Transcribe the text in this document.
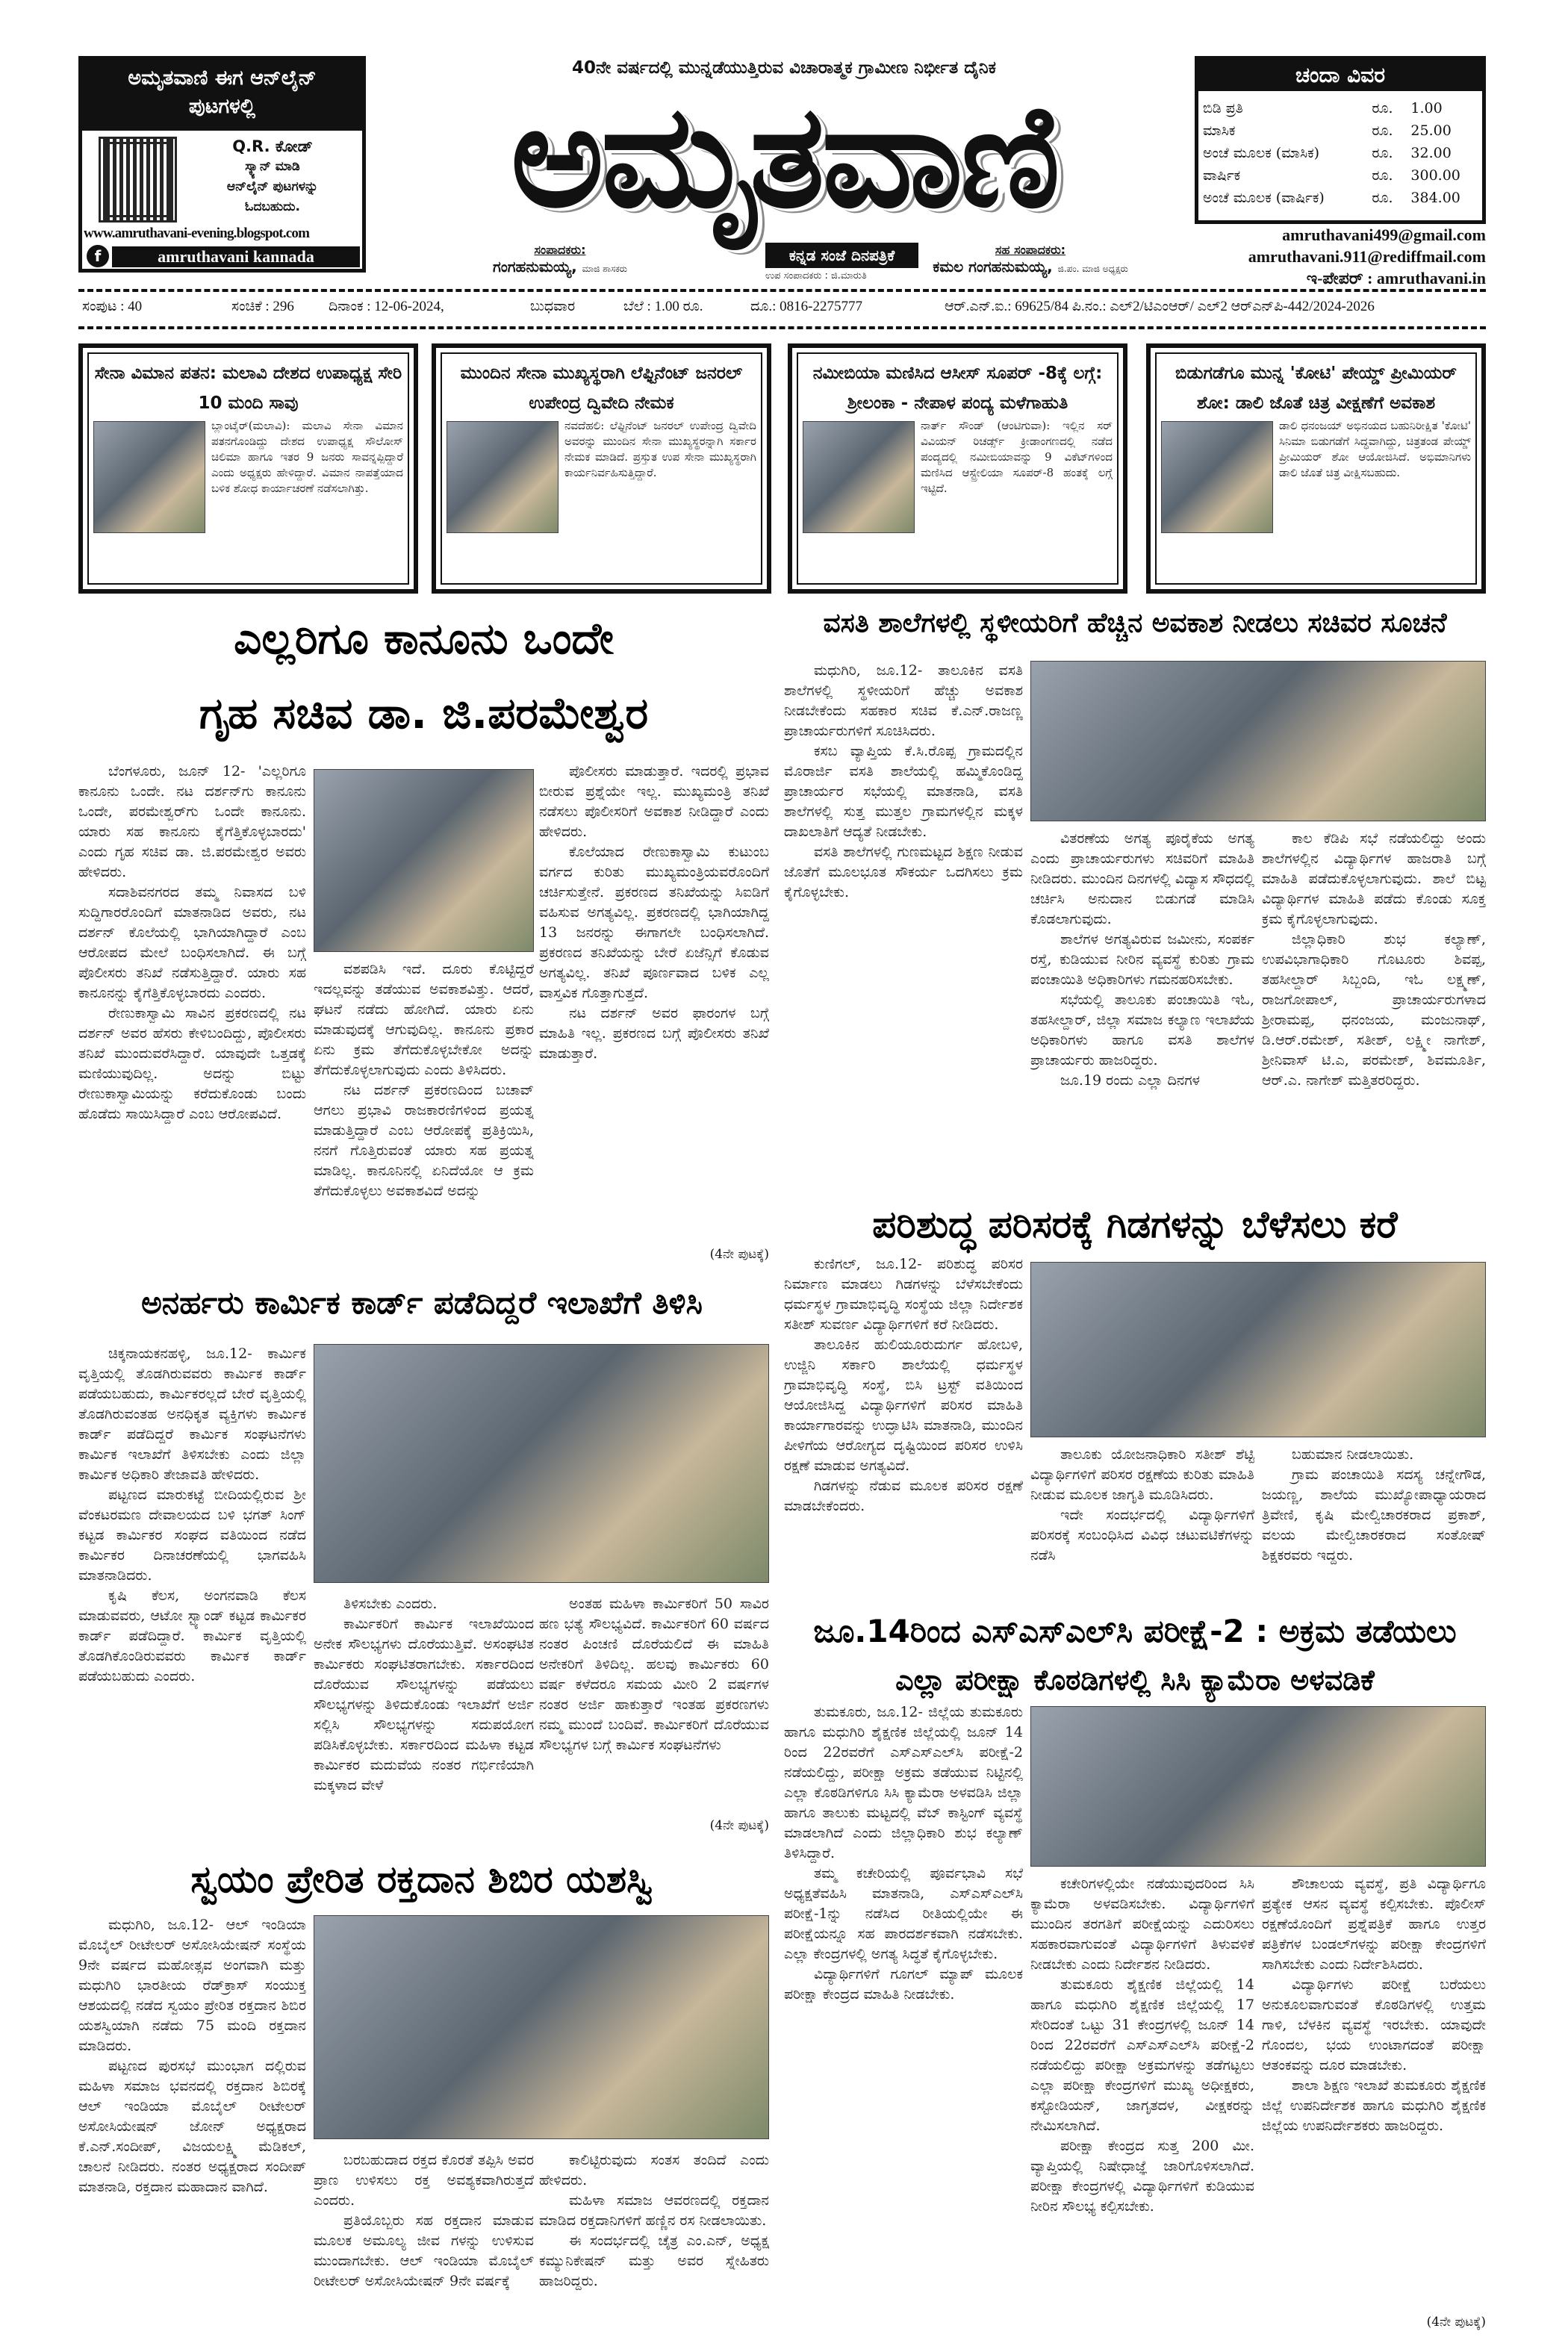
ಅಮೃತವಾಣಿ ಈಗ ಆನ್‌ಲೈನ್ ಪುಟಗಳಲ್ಲಿ
Q.R. ಕೋಡ್
ಸ್ಕ್ಯಾನ್ ಮಾಡಿ
ಆನ್‌ಲೈನ್ ಪುಟಗಳನ್ನು
ಓದಬಹುದು.
www.amruthavani-evening.blogspot.com
f	amruthavani kannada
40ನೇ ವರ್ಷದಲ್ಲಿ ಮುನ್ನಡೆಯುತ್ತಿರುವ ವಿಚಾರಾತ್ಮಕ ಗ್ರಾಮೀಣ ನಿರ್ಭೀತ ದೈನಿಕ
ಅಮೃತವಾಣಿ
ಕನ್ನಡ ಸಂಜೆ ದಿನಪತ್ರಿಕೆ
ಉಪ ಸಂಪಾದಕರು : ಜಿ.ಮಾರುತಿ
ಸಂಪಾದಕರು:
ಗಂಗಹನುಮಯ್ಯ, ಮಾಜಿ ಶಾಸಕರು
ಸಹ ಸಂಪಾದಕರು:
ಕಮಲ ಗಂಗಹನುಮಯ್ಯ, ಜಿ.ಪಂ. ಮಾಜಿ ಅಧ್ಯಕ್ಷರು
ಚಂದಾ ವಿವರ
ಬಿಡಿ ಪ್ರತಿ	ರೂ.	1.00
ಮಾಸಿಕ	ರೂ.	25.00
ಅಂಚೆ ಮೂಲಕ (ಮಾಸಿಕ)	ರೂ.	32.00
ವಾರ್ಷಿಕ	ರೂ.	300.00
ಅಂಚೆ ಮೂಲಕ (ವಾರ್ಷಿಕ)	ರೂ.	384.00
amruthavani499@gmail.com
amruthavani.911@rediffmail.com
ಇ-ಪೇಪರ್ : amruthavani.in
ಸಂಪುಟ : 40	ಸಂಚಿಕೆ : 296 ದಿನಾಂಕ : 12-06-2024,	ಬುಧವಾರ	ಬೆಲೆ : 1.00 ರೂ.	ದೂ.: 0816-2275777	ಆರ್.ಎನ್.ಐ.: 69625/84 ಪಿ.ನಂ.: ಎಲ್2/ಟಿಎಂಆರ್/ ಎಲ್2 ಆರ್‌ಎನ್‌ಪಿ-442/2024-2026
ಸೇನಾ ವಿಮಾನ ಪತನ: ಮಲಾವಿ ದೇಶದ ಉಪಾಧ್ಯಕ್ಷ ಸೇರಿ 10 ಮಂದಿ ಸಾವು
ಬ್ಲಾಂಟೈರ್(ಮಲಾವಿ): ಮಲಾವಿ ಸೇನಾ ವಿಮಾನ ಪತನಗೊಂಡಿದ್ದು ದೇಶದ ಉಪಾಧ್ಯಕ್ಷ ಸೌಲೋಸ್ ಚಿಲಿಮಾ ಹಾಗೂ ಇತರ 9 ಜನರು ಸಾವನ್ನಪ್ಪಿದ್ದಾರೆ ಎಂದು ಅಧ್ಯಕ್ಷರು ಹೇಳಿದ್ದಾರೆ. ವಿಮಾನ ನಾಪತ್ತೆಯಾದ ಬಳಿಕ ಶೋಧ ಕಾರ್ಯಾಚರಣೆ ನಡೆಸಲಾಗಿತ್ತು.
ಮುಂದಿನ ಸೇನಾ ಮುಖ್ಯಸ್ಥರಾಗಿ ಲೆಫ್ಟಿನೆಂಟ್ ಜನರಲ್ ಉಪೇಂದ್ರ ದ್ವಿವೇದಿ ನೇಮಕ
ನವದೆಹಲಿ: ಲೆಫ್ಟಿನೆಂಟ್ ಜನರಲ್ ಉಪೇಂದ್ರ ದ್ವಿವೇದಿ ಅವರನ್ನು ಮುಂದಿನ ಸೇನಾ ಮುಖ್ಯಸ್ಥರನ್ನಾಗಿ ಸರ್ಕಾರ ನೇಮಕ ಮಾಡಿದೆ. ಪ್ರಸ್ತುತ ಉಪ ಸೇನಾ ಮುಖ್ಯಸ್ಥರಾಗಿ ಕಾರ್ಯನಿರ್ವಹಿಸುತ್ತಿದ್ದಾರೆ.
ನಮೀಬಿಯಾ ಮಣಿಸಿದ ಆಸೀಸ್ ಸೂಪರ್ -8ಕ್ಕೆ ಲಗ್ಗೆ: ಶ್ರೀಲಂಕಾ - ನೇಪಾಳ ಪಂದ್ಯ ಮಳೆಗಾಹುತಿ
ನಾರ್ತ್ ಸೌಂಡ್ (ಆಂಟಿಗುವಾ): ಇಲ್ಲಿನ ಸರ್ ವಿವಿಯನ್ ರಿಚರ್ಡ್ಸ್ ಕ್ರೀಡಾಂಗಣದಲ್ಲಿ ನಡೆದ ಪಂದ್ಯದಲ್ಲಿ ನಮೀಬಿಯಾವನ್ನು 9 ವಿಕೆಟ್‌ಗಳಿಂದ ಮಣಿಸಿದ ಆಸ್ಟ್ರೇಲಿಯಾ ಸೂಪರ್-8 ಹಂತಕ್ಕೆ ಲಗ್ಗೆ ಇಟ್ಟಿದೆ.
ಬಿಡುಗಡೆಗೂ ಮುನ್ನ 'ಕೋಟಿ' ಪೇಯ್ಡ್ ಪ್ರೀಮಿಯರ್ ಶೋ: ಡಾಲಿ ಜೊತೆ ಚಿತ್ರ ವೀಕ್ಷಣೆಗೆ ಅವಕಾಶ
ಡಾಲಿ ಧನಂಜಯ್ ಅಭಿನಯದ ಬಹುನಿರೀಕ್ಷಿತ 'ಕೋಟಿ' ಸಿನಿಮಾ ಬಿಡುಗಡೆಗೆ ಸಿದ್ಧವಾಗಿದ್ದು, ಚಿತ್ರತಂಡ ಪೇಯ್ಡ್ ಪ್ರೀಮಿಯರ್ ಶೋ ಆಯೋಜಿಸಿದೆ. ಅಭಿಮಾನಿಗಳು ಡಾಲಿ ಜೊತೆ ಚಿತ್ರ ವೀಕ್ಷಿಸಬಹುದು.
ಎಲ್ಲರಿಗೂ ಕಾನೂನು ಒಂದೇ
ಗೃಹ ಸಚಿವ ಡಾ. ಜಿ.ಪರಮೇಶ್ವರ

ಬೆಂಗಳೂರು, ಜೂನ್ 12- 'ಎಲ್ಲರಿಗೂ ಕಾನೂನು ಒಂದೇ. ನಟ ದರ್ಶನ್‌ಗು ಕಾನೂನು ಒಂದೇ, ಪರಮೇಶ್ವರ್‌ಗು ಒಂದೇ ಕಾನೂನು. ಯಾರು ಸಹ ಕಾನೂನು ಕೈಗೆತ್ತಿಕೊಳ್ಳಬಾರದು' ಎಂದು ಗೃಹ ಸಚಿವ ಡಾ. ಜಿ.ಪರಮೇಶ್ವರ ಅವರು ಹೇಳಿದರು.

ಸದಾಶಿವನಗರದ ತಮ್ಮ ನಿವಾಸದ ಬಳಿ ಸುದ್ದಿಗಾರರೊಂದಿಗೆ ಮಾತನಾಡಿದ ಅವರು, ನಟ ದರ್ಶನ್ ಕೊಲೆಯಲ್ಲಿ ಭಾಗಿಯಾಗಿದ್ದಾರೆ ಎಂಬ ಆರೋಪದ ಮೇಲೆ ಬಂಧಿಸಲಾಗಿದೆ. ಈ ಬಗ್ಗೆ ಪೊಲೀಸರು ತನಿಖೆ ನಡೆಸುತ್ತಿದ್ದಾರೆ. ಯಾರು ಸಹ ಕಾನೂನನ್ನು ಕೈಗೆತ್ತಿಕೊಳ್ಳಬಾರದು ಎಂದರು.

ರೇಣುಕಾಸ್ವಾಮಿ ಸಾವಿನ ಪ್ರಕರಣದಲ್ಲಿ ನಟ ದರ್ಶನ್ ಅವರ ಹೆಸರು ಕೇಳಿಬಂದಿದ್ದು, ಪೊಲೀಸರು ತನಿಖೆ ಮುಂದುವರೆಸಿದ್ದಾರೆ. ಯಾವುದೇ ಒತ್ತಡಕ್ಕೆ ಮಣಿಯುವುದಿಲ್ಲ. ಅದನ್ನು ಬಿಟ್ಟು ರೇಣುಕಾಸ್ವಾಮಿಯನ್ನು ಕರೆದುಕೊಂಡು ಬಂದು ಹೊಡೆದು ಸಾಯಿಸಿದ್ದಾರೆ ಎಂಬ ಆರೋಪವಿದೆ.

ವಶಪಡಿಸಿ ಇದೆ. ದೂರು ಕೊಟ್ಟಿದ್ದರೆ ಇದಲ್ಲವನ್ನು ತಡೆಯುವ ಅವಕಾಶವಿತ್ತು. ಆದರೆ, ಘಟನೆ ನಡೆದು ಹೋಗಿದೆ. ಯಾರು ಏನು ಮಾಡುವುದಕ್ಕೆ ಆಗುವುದಿಲ್ಲ. ಕಾನೂನು ಪ್ರಕಾರ ಏನು ಕ್ರಮ ತೆಗೆದುಕೊಳ್ಳಬೇಕೋ ಅದನ್ನು ತೆಗೆದುಕೊಳ್ಳಲಾಗುವುದು ಎಂದು ತಿಳಿಸಿದರು.

ನಟ ದರ್ಶನ್ ಪ್ರಕರಣದಿಂದ ಬಚಾವ್ ಆಗಲು ಪ್ರಭಾವಿ ರಾಜಕಾರಣಿಗಳಿಂದ ಪ್ರಯತ್ನ ಮಾಡುತ್ತಿದ್ದಾರೆ ಎಂಬ ಆರೋಪಕ್ಕೆ ಪ್ರತಿಕ್ರಿಯಿಸಿ, ನನಗೆ ಗೊತ್ತಿರುವಂತೆ ಯಾರು ಸಹ ಪ್ರಯತ್ನ ಮಾಡಿಲ್ಲ. ಕಾನೂನಿನಲ್ಲಿ ಏನಿದೆಯೋ ಆ ಕ್ರಮ ತೆಗೆದುಕೊಳ್ಳಲು ಅವಕಾಶವಿದೆ ಅದನ್ನು

ಪೊಲೀಸರು ಮಾಡುತ್ತಾರೆ. ಇದರಲ್ಲಿ ಪ್ರಭಾವ ಬೀರುವ ಪ್ರಶ್ನೆಯೇ ಇಲ್ಲ. ಮುಖ್ಯಮಂತ್ರಿ ತನಿಖೆ ನಡೆಸಲು ಪೊಲೀಸರಿಗೆ ಅವಕಾಶ ನೀಡಿದ್ದಾರೆ ಎಂದು ಹೇಳಿದರು.

ಕೊಲೆಯಾದ ರೇಣುಕಾಸ್ವಾಮಿ ಕುಟುಂಬ ವರ್ಗದ ಕುರಿತು ಮುಖ್ಯಮಂತ್ರಿಯವರೊಂದಿಗೆ ಚರ್ಚಿಸುತ್ತೇನೆ. ಪ್ರಕರಣದ ತನಿಖೆಯನ್ನು ಸಿಐಡಿಗೆ ವಹಿಸುವ ಅಗತ್ಯವಿಲ್ಲ. ಪ್ರಕರಣದಲ್ಲಿ ಭಾಗಿಯಾಗಿದ್ದ 13 ಜನರನ್ನು ಈಗಾಗಲೇ ಬಂಧಿಸಲಾಗಿದೆ. ಪ್ರಕರಣದ ತನಿಖೆಯನ್ನು ಬೇರೆ ಏಜೆನ್ಸಿಗೆ ಕೊಡುವ ಅಗತ್ಯವಿಲ್ಲ. ತನಿಖೆ ಪೂರ್ಣವಾದ ಬಳಿಕ ಎಲ್ಲ ವಾಸ್ತವಿಕ ಗೊತ್ತಾಗುತ್ತದೆ.

ನಟ ದರ್ಶನ್ ಅವರ ಫಾರಂಗಳ ಬಗ್ಗೆ ಮಾಹಿತಿ ಇಲ್ಲ. ಪ್ರಕರಣದ ಬಗ್ಗೆ ಪೊಲೀಸರು ತನಿಖೆ ಮಾಡುತ್ತಾರೆ.

(4ನೇ ಪುಟಕ್ಕೆ)
ವಸತಿ ಶಾಲೆಗಳಲ್ಲಿ ಸ್ಥಳೀಯರಿಗೆ ಹೆಚ್ಚಿನ ಅವಕಾಶ ನೀಡಲು ಸಚಿವರ ಸೂಚನೆ

ಮಧುಗಿರಿ, ಜೂ.12- ತಾಲೂಕಿನ ವಸತಿ ಶಾಲೆಗಳಲ್ಲಿ ಸ್ಥಳೀಯರಿಗೆ ಹೆಚ್ಚು ಅವಕಾಶ ನೀಡಬೇಕೆಂದು ಸಹಕಾರ ಸಚಿವ ಕೆ.ಎನ್.ರಾಜಣ್ಣ ಪ್ರಾಚಾರ್ಯರುಗಳಿಗೆ ಸೂಚಿಸಿದರು.

ಕಸಬ ವ್ಯಾಪ್ತಿಯ ಕೆ.ಸಿ.ರೊಪ್ಪ ಗ್ರಾಮದಲ್ಲಿನ ಮೊರಾರ್ಜಿ ವಸತಿ ಶಾಲೆಯಲ್ಲಿ ಹಮ್ಮಿಕೊಂಡಿದ್ದ ಪ್ರಾಚಾರ್ಯರ ಸಭೆಯಲ್ಲಿ ಮಾತನಾಡಿ, ವಸತಿ ಶಾಲೆಗಳಲ್ಲಿ ಸುತ್ತ ಮುತ್ತಲ ಗ್ರಾಮಗಳಲ್ಲಿನ ಮಕ್ಕಳ ದಾಖಲಾತಿಗೆ ಆದ್ಯತೆ ನೀಡಬೇಕು.

ವಸತಿ ಶಾಲೆಗಳಲ್ಲಿ ಗುಣಮಟ್ಟದ ಶಿಕ್ಷಣ ನೀಡುವ ಜೊತೆಗೆ ಮೂಲಭೂತ ಸೌಕರ್ಯ ಒದಗಿಸಲು ಕ್ರಮ ಕೈಗೊಳ್ಳಬೇಕು.

ವಿತರಣೆಯ ಅಗತ್ಯ ಪೂರೈಕೆಯ ಅಗತ್ಯ ಎಂದು ಪ್ರಾಚಾರ್ಯರುಗಳು ಸಚಿವರಿಗೆ ಮಾಹಿತಿ ನೀಡಿದರು. ಮುಂದಿನ ದಿನಗಳಲ್ಲಿ ವಿದ್ಯಾಸ ಸೌಧದಲ್ಲಿ ಚರ್ಚಿಸಿ ಅನುದಾನ ಬಿಡುಗಡೆ ಮಾಡಿಸಿ ಕೊಡಲಾಗುವುದು.

ಶಾಲೆಗಳ ಅಗತ್ಯವಿರುವ ಜಮೀನು, ಸಂಪರ್ಕ ರಸ್ತೆ, ಕುಡಿಯುವ ನೀರಿನ ವ್ಯವಸ್ಥೆ ಕುರಿತು ಗ್ರಾಮ ಪಂಚಾಯಿತಿ ಅಧಿಕಾರಿಗಳು ಗಮನಹರಿಸಬೇಕು.

ಸಭೆಯಲ್ಲಿ ತಾಲೂಕು ಪಂಚಾಯಿತಿ ಇಓ, ತಹಸೀಲ್ದಾರ್, ಜಿಲ್ಲಾ ಸಮಾಜ ಕಲ್ಯಾಣ ಇಲಾಖೆಯ ಅಧಿಕಾರಿಗಳು ಹಾಗೂ ವಸತಿ ಶಾಲೆಗಳ ಪ್ರಾಚಾರ್ಯರು ಹಾಜರಿದ್ದರು.

ಜೂ.19 ರಂದು ಎಲ್ಲಾ ದಿನಗಳ

ಕಾಲ ಕೆಡಿಪಿ ಸಭೆ ನಡೆಯಲಿದ್ದು ಅಂದು ಶಾಲೆಗಳಲ್ಲಿನ ವಿದ್ಯಾರ್ಥಿಗಳ ಹಾಜರಾತಿ ಬಗ್ಗೆ ಮಾಹಿತಿ ಪಡೆದುಕೊಳ್ಳಲಾಗುವುದು. ಶಾಲೆ ಬಿಟ್ಟ ವಿದ್ಯಾರ್ಥಿಗಳ ಮಾಹಿತಿ ಪಡೆದು ಕೊಂಡು ಸೂಕ್ತ ಕ್ರಮ ಕೈಗೊಳ್ಳಲಾಗುವುದು.

ಜಿಲ್ಲಾಧಿಕಾರಿ ಶುಭ ಕಲ್ಯಾಣ್, ಉಪವಿಭಾಗಾಧಿಕಾರಿ ಗೊಟೂರು ಶಿವಪ್ಪ, ತಹಸೀಲ್ದಾರ್ ಸಿಬ್ಬಂದಿ, ಇಓ ಲಕ್ಷ್ಮಣ್, ರಾಜಗೋಪಾಲ್, ಪ್ರಾಚಾರ್ಯರುಗಳಾದ ಶ್ರೀರಾಮಪ್ಪ, ಧನಂಜಯ, ಮಂಜುನಾಥ್, ಡಿ.ಆರ್.ರಮೇಶ್, ಸತೀಶ್, ಲಕ್ಷ್ಮೀ ನಾಗೇಶ್, ಶ್ರೀನಿವಾಸ್ ಟಿ.ಎ, ಪರಮೇಶ್, ಶಿವಮೂರ್ತಿ, ಆರ್.ಎ. ನಾಗೇಶ್ ಮತ್ತಿತರರಿದ್ದರು.

ಪರಿಶುದ್ಧ ಪರಿಸರಕ್ಕೆ ಗಿಡಗಳನ್ನು ಬೆಳೆಸಲು ಕರೆ

ಕುಣಿಗಲ್, ಜೂ.12- ಪರಿಶುದ್ಧ ಪರಿಸರ ನಿರ್ಮಾಣ ಮಾಡಲು ಗಿಡಗಳನ್ನು ಬೆಳೆಸಬೇಕೆಂದು ಧರ್ಮಸ್ಥಳ ಗ್ರಾಮಾಭಿವೃದ್ಧಿ ಸಂಸ್ಥೆಯ ಜಿಲ್ಲಾ ನಿರ್ದೇಶಕ ಸತೀಶ್ ಸುವರ್ಣ ವಿದ್ಯಾರ್ಥಿಗಳಿಗೆ ಕರೆ ನೀಡಿದರು.

ತಾಲೂಕಿನ ಹುಲಿಯೂರುದುರ್ಗ ಹೋಬಳಿ, ಉಜ್ಜಿನಿ ಸರ್ಕಾರಿ ಶಾಲೆಯಲ್ಲಿ ಧರ್ಮಸ್ಥಳ ಗ್ರಾಮಾಭಿವೃದ್ಧಿ ಸಂಸ್ಥೆ, ಬಿಸಿ ಟ್ರಸ್ಟ್ ವತಿಯಿಂದ ಆಯೋಜಿಸಿದ್ದ ವಿದ್ಯಾರ್ಥಿಗಳಿಗೆ ಪರಿಸರ ಮಾಹಿತಿ ಕಾರ್ಯಾಗಾರವನ್ನು ಉದ್ಘಾಟಿಸಿ ಮಾತನಾಡಿ, ಮುಂದಿನ ಪೀಳಿಗೆಯ ಆರೋಗ್ಯದ ದೃಷ್ಟಿಯಿಂದ ಪರಿಸರ ಉಳಿಸಿ ರಕ್ಷಣೆ ಮಾಡುವ ಅಗತ್ಯವಿದೆ.

ಗಿಡಗಳನ್ನು ನೆಡುವ ಮೂಲಕ ಪರಿಸರ ರಕ್ಷಣೆ ಮಾಡಬೇಕೆಂದರು.

ತಾಲೂಕು ಯೋಜನಾಧಿಕಾರಿ ಸತೀಶ್ ಶೆಟ್ಟಿ ವಿದ್ಯಾರ್ಥಿಗಳಿಗೆ ಪರಿಸರ ರಕ್ಷಣೆಯ ಕುರಿತು ಮಾಹಿತಿ ನೀಡುವ ಮೂಲಕ ಜಾಗೃತಿ ಮೂಡಿಸಿದರು.

ಇದೇ ಸಂದರ್ಭದಲ್ಲಿ ವಿದ್ಯಾರ್ಥಿಗಳಿಗೆ ಪರಿಸರಕ್ಕೆ ಸಂಬಂಧಿಸಿದ ವಿವಿಧ ಚಟುವಟಿಕೆಗಳನ್ನು ನಡೆಸಿ

ಬಹುಮಾನ ನೀಡಲಾಯಿತು.

ಗ್ರಾಮ ಪಂಚಾಯಿತಿ ಸದಸ್ಯ ಚನ್ನೇಗೌಡ, ಜಯಣ್ಣ, ಶಾಲೆಯ ಮುಖ್ಯೋಪಾಧ್ಯಾಯರಾದ ತ್ರಿವೇಣಿ, ಕೃಷಿ ಮೇಲ್ವಿಚಾರಕರಾದ ಪ್ರಕಾಶ್, ವಲಯ ಮೇಲ್ವಿಚಾರಕರಾದ ಸಂತೋಷ್ ಶಿಕ್ಷಕರವರು ಇದ್ದರು.

ಅನರ್ಹರು ಕಾರ್ಮಿಕ ಕಾರ್ಡ್ ಪಡೆದಿದ್ದರೆ ಇಲಾಖೆಗೆ ತಿಳಿಸಿ

ಚಿಕ್ಕನಾಯಕನಹಳ್ಳಿ, ಜೂ.12- ಕಾರ್ಮಿಕ ವೃತ್ತಿಯಲ್ಲಿ ತೊಡಗಿರುವವರು ಕಾರ್ಮಿಕ ಕಾರ್ಡ್ ಪಡೆಯಬಹುದು, ಕಾರ್ಮಿಕರಲ್ಲದೆ ಬೇರೆ ವೃತ್ತಿಯಲ್ಲಿ ತೊಡಗಿರುವಂತಹ ಅನಧಿಕೃತ ವ್ಯಕ್ತಿಗಳು ಕಾರ್ಮಿಕ ಕಾರ್ಡ್ ಪಡೆದಿದ್ದರೆ ಕಾರ್ಮಿಕ ಸಂಘಟನೆಗಳು ಕಾರ್ಮಿಕ ಇಲಾಖೆಗೆ ತಿಳಿಸಬೇಕು ಎಂದು ಜಿಲ್ಲಾ ಕಾರ್ಮಿಕ ಅಧಿಕಾರಿ ತೇಜಾವತಿ ಹೇಳಿದರು.

ಪಟ್ಟಣದ ಮಾರುಕಟ್ಟೆ ಬೀದಿಯಲ್ಲಿರುವ ಶ್ರೀ ವೆಂಕಟರಮಣ ದೇವಾಲಯದ ಬಳಿ ಭಗತ್ ಸಿಂಗ್ ಕಟ್ಟಡ ಕಾರ್ಮಿಕರ ಸಂಘದ ವತಿಯಿಂದ ನಡೆದ ಕಾರ್ಮಿಕರ ದಿನಾಚರಣೆಯಲ್ಲಿ ಭಾಗವಹಿಸಿ ಮಾತನಾಡಿದರು.

ಕೃಷಿ ಕೆಲಸ, ಅಂಗನವಾಡಿ ಕೆಲಸ ಮಾಡುವವರು, ಆಟೋ ಸ್ಟ್ಯಾಂಡ್ ಕಟ್ಟಡ ಕಾರ್ಮಿಕರ ಕಾರ್ಡ್ ಪಡೆದಿದ್ದಾರೆ. ಕಾರ್ಮಿಕ ವೃತ್ತಿಯಲ್ಲಿ ತೊಡಗಿಕೊಂಡಿರುವವರು ಕಾರ್ಮಿಕ ಕಾರ್ಡ್ ಪಡೆಯಬಹುದು ಎಂದರು.

ತಿಳಿಸಬೇಕು ಎಂದರು.

ಕಾರ್ಮಿಕರಿಗೆ ಕಾರ್ಮಿಕ ಇಲಾಖೆಯಿಂದ ಅನೇಕ ಸೌಲಭ್ಯಗಳು ದೊರೆಯುತ್ತಿವೆ. ಅಸಂಘಟಿತ ಕಾರ್ಮಿಕರು ಸಂಘಟಿತರಾಗಬೇಕು. ಸರ್ಕಾರದಿಂದ ದೊರೆಯುವ ಸೌಲಭ್ಯಗಳನ್ನು ಪಡೆಯಲು ಸೌಲಭ್ಯಗಳನ್ನು ತಿಳಿದುಕೊಂಡು ಇಲಾಖೆಗೆ ಅರ್ಜಿ ಸಲ್ಲಿಸಿ ಸೌಲಭ್ಯಗಳನ್ನು ಸದುಪಯೋಗ ಪಡಿಸಿಕೊಳ್ಳಬೇಕು. ಸರ್ಕಾರದಿಂದ ಮಹಿಳಾ ಕಟ್ಟಡ ಕಾರ್ಮಿಕರ ಮದುವೆಯ ನಂತರ ಗರ್ಭಿಣಿಯಾಗಿ ಮಕ್ಕಳಾದ ವೇಳೆ

ಅಂತಹ ಮಹಿಳಾ ಕಾರ್ಮಿಕರಿಗೆ 50 ಸಾವಿರ ಹಣ ಭತ್ಯೆ ಸೌಲಭ್ಯವಿದೆ. ಕಾರ್ಮಿಕರಿಗೆ 60 ವರ್ಷದ ನಂತರ ಪಿಂಚಣಿ ದೊರೆಯಲಿದೆ ಈ ಮಾಹಿತಿ ಅನೇಕರಿಗೆ ತಿಳಿದಿಲ್ಲ. ಹಲವು ಕಾರ್ಮಿಕರು 60 ವರ್ಷ ಕಳೆದರೂ ಸಮಯ ಮೀರಿ 2 ವರ್ಷಗಳ ನಂತರ ಅರ್ಜಿ ಹಾಕುತ್ತಾರೆ ಇಂತಹ ಪ್ರಕರಣಗಳು ನಮ್ಮ ಮುಂದೆ ಬಂದಿವೆ. ಕಾರ್ಮಿಕರಿಗೆ ದೊರೆಯುವ ಸೌಲಭ್ಯಗಳ ಬಗ್ಗೆ ಕಾರ್ಮಿಕ ಸಂಘಟನೆಗಳು

(4ನೇ ಪುಟಕ್ಕೆ)
ಜೂ.14ರಿಂದ ಎಸ್‌ಎಸ್‌ಎಲ್‌ಸಿ ಪರೀಕ್ಷೆ-2 : ಅಕ್ರಮ ತಡೆಯಲು
ಎಲ್ಲಾ ಪರೀಕ್ಷಾ ಕೊಠಡಿಗಳಲ್ಲಿ ಸಿಸಿ ಕ್ಯಾಮೆರಾ ಅಳವಡಿಕೆ

ತುಮಕೂರು, ಜೂ.12- ಜಿಲ್ಲೆಯ ತುಮಕೂರು ಹಾಗೂ ಮಧುಗಿರಿ ಶೈಕ್ಷಣಿಕ ಜಿಲ್ಲೆಯಲ್ಲಿ ಜೂನ್ 14 ರಿಂದ 22ರವರೆಗೆ ಎಸ್‌ಎಸ್‌ಎಲ್‌ಸಿ ಪರೀಕ್ಷೆ-2 ನಡೆಯಲಿದ್ದು, ಪರೀಕ್ಷಾ ಅಕ್ರಮ ತಡೆಯುವ ನಿಟ್ಟಿನಲ್ಲಿ ಎಲ್ಲಾ ಕೊಠಡಿಗಳಿಗೂ ಸಿಸಿ ಕ್ಯಾಮೆರಾ ಅಳವಡಿಸಿ ಜಿಲ್ಲಾ ಹಾಗೂ ತಾಲುಕು ಮಟ್ಟದಲ್ಲಿ ವೆಬ್ ಕಾಸ್ಟಿಂಗ್ ವ್ಯವಸ್ಥೆ ಮಾಡಲಾಗಿದೆ ಎಂದು ಜಿಲ್ಲಾಧಿಕಾರಿ ಶುಭ ಕಲ್ಯಾಣ್ ತಿಳಿಸಿದ್ದಾರೆ.

ತಮ್ಮ ಕಚೇರಿಯಲ್ಲಿ ಪೂರ್ವಭಾವಿ ಸಭೆ ಅಧ್ಯಕ್ಷತೆವಹಿಸಿ ಮಾತನಾಡಿ, ಎಸ್‌ಎಸ್‌ಎಲ್‌ಸಿ ಪರೀಕ್ಷೆ-1ನ್ನು ನಡೆಸಿದ ರೀತಿಯಲ್ಲಿಯೇ ಈ ಪರೀಕ್ಷೆಯನ್ನೂ ಸಹ ಪಾರದರ್ಶಕವಾಗಿ ನಡೆಸಬೇಕು. ಎಲ್ಲಾ ಕೇಂದ್ರಗಳಲ್ಲಿ ಅಗತ್ಯ ಸಿದ್ಧತೆ ಕೈಗೊಳ್ಳಬೇಕು.

ವಿದ್ಯಾರ್ಥಿಗಳಿಗೆ ಗೂಗಲ್ ಮ್ಯಾಪ್ ಮೂಲಕ ಪರೀಕ್ಷಾ ಕೇಂದ್ರದ ಮಾಹಿತಿ ನೀಡಬೇಕು.

ಕಚೇರಿಗಳಲ್ಲಿಯೇ ನಡೆಯುವುದರಿಂದ ಸಿಸಿ ಕ್ಯಾಮೆರಾ ಅಳವಡಿಸಬೇಕು. ವಿದ್ಯಾರ್ಥಿಗಳಿಗೆ ಮುಂದಿನ ತರಗತಿಗೆ ಪರೀಕ್ಷೆಯನ್ನು ಎದುರಿಸಲು ಸಹಕಾರವಾಗುವಂತೆ ವಿದ್ಯಾರ್ಥಿಗಳಿಗೆ ತಿಳುವಳಿಕೆ ನೀಡಬೇಕು ಎಂದು ನಿರ್ದೇಶನ ನೀಡಿದರು.

ತುಮಕೂರು ಶೈಕ್ಷಣಿಕ ಜಿಲ್ಲೆಯಲ್ಲಿ 14 ಹಾಗೂ ಮಧುಗಿರಿ ಶೈಕ್ಷಣಿಕ ಜಿಲ್ಲೆಯಲ್ಲಿ 17 ಸೇರಿದಂತೆ ಒಟ್ಟು 31 ಕೇಂದ್ರಗಳಲ್ಲಿ ಜೂನ್ 14 ರಿಂದ 22ರವರೆಗೆ ಎಸ್‌ಎಸ್‌ಎಲ್‌ಸಿ ಪರೀಕ್ಷೆ-2 ನಡೆಯಲಿದ್ದು ಪರೀಕ್ಷಾ ಅಕ್ರಮಗಳನ್ನು ತಡೆಗಟ್ಟಲು ಎಲ್ಲಾ ಪರೀಕ್ಷಾ ಕೇಂದ್ರಗಳಿಗೆ ಮುಖ್ಯ ಅಧೀಕ್ಷಕರು, ಕಸ್ಟೋಡಿಯನ್, ಜಾಗೃತದಳ, ವೀಕ್ಷಕರನ್ನು ನೇಮಿಸಲಾಗಿದೆ.

ಪರೀಕ್ಷಾ ಕೇಂದ್ರದ ಸುತ್ತ 200 ಮೀ. ವ್ಯಾಪ್ತಿಯಲ್ಲಿ ನಿಷೇಧಾಜ್ಞೆ ಜಾರಿಗೊಳಿಸಲಾಗಿದೆ. ಪರೀಕ್ಷಾ ಕೇಂದ್ರಗಳಲ್ಲಿ ವಿದ್ಯಾರ್ಥಿಗಳಿಗೆ ಕುಡಿಯುವ ನೀರಿನ ಸೌಲಭ್ಯ ಕಲ್ಪಿಸಬೇಕು.

ಶೌಚಾಲಯ ವ್ಯವಸ್ಥೆ, ಪ್ರತಿ ವಿದ್ಯಾರ್ಥಿಗೂ ಪ್ರತ್ಯೇಕ ಆಸನ ವ್ಯವಸ್ಥೆ ಕಲ್ಪಿಸಬೇಕು. ಪೊಲೀಸ್ ರಕ್ಷಣೆಯೊಂದಿಗೆ ಪ್ರಶ್ನೆಪತ್ರಿಕೆ ಹಾಗೂ ಉತ್ತರ ಪತ್ರಿಕೆಗಳ ಬಂಡಲ್‌ಗಳನ್ನು ಪರೀಕ್ಷಾ ಕೇಂದ್ರಗಳಿಗೆ ಸಾಗಿಸಬೇಕು ಎಂದು ನಿರ್ದೇಶಿಸಿದರು.

ವಿದ್ಯಾರ್ಥಿಗಳು ಪರೀಕ್ಷೆ ಬರೆಯಲು ಅನುಕೂಲವಾಗುವಂತೆ ಕೊಠಡಿಗಳಲ್ಲಿ ಉತ್ತಮ ಗಾಳಿ, ಬೆಳಕಿನ ವ್ಯವಸ್ಥೆ ಇರಬೇಕು. ಯಾವುದೇ ಗೊಂದಲ, ಭಯ ಉಂಟಾಗದಂತೆ ಪರೀಕ್ಷಾ ಆತಂಕವನ್ನು ದೂರ ಮಾಡಬೇಕು.

ಶಾಲಾ ಶಿಕ್ಷಣ ಇಲಾಖೆ ತುಮಕೂರು ಶೈಕ್ಷಣಿಕ ಜಿಲ್ಲೆ ಉಪನಿರ್ದೇಶಕ ಹಾಗೂ ಮಧುಗಿರಿ ಶೈಕ್ಷಣಿಕ ಜಿಲ್ಲೆಯ ಉಪನಿರ್ದೇಶಕರು ಹಾಜರಿದ್ದರು.

(4ನೇ ಪುಟಕ್ಕೆ)
ಸ್ವಯಂ ಪ್ರೇರಿತ ರಕ್ತದಾನ ಶಿಬಿರ ಯಶಸ್ವಿ

ಮಧುಗಿರಿ, ಜೂ.12- ಆಲ್ ಇಂಡಿಯಾ ಮೊಬೈಲ್ ರೀಟೇಲರ್ ಅಸೋಸಿಯೇಷನ್ ಸಂಸ್ಥೆಯ 9ನೇ ವರ್ಷದ ಮಹೋತ್ಸವ ಅಂಗವಾಗಿ ಮತ್ತು ಮಧುಗಿರಿ ಭಾರತೀಯ ರೆಡ್‌ಕ್ರಾಸ್ ಸಂಯುಕ್ತ ಆಶಯದಲ್ಲಿ ನಡೆದ ಸ್ವಯಂ ಪ್ರೇರಿತ ರಕ್ತದಾನ ಶಿಬಿರ ಯಶಸ್ವಿಯಾಗಿ ನಡೆದು 75 ಮಂದಿ ರಕ್ತದಾನ ಮಾಡಿದರು.

ಪಟ್ಟಣದ ಪುರಸಭೆ ಮುಂಭಾಗ ದಲ್ಲಿರುವ ಮಹಿಳಾ ಸಮಾಜ ಭವನದಲ್ಲಿ ರಕ್ತದಾನ ಶಿಬಿರಕ್ಕೆ ಆಲ್ ಇಂಡಿಯಾ ಮೊಬೈಲ್ ರೀಟೇಲರ್ ಅಸೋಸಿಯೇಷನ್ ಜೋನ್ ಅಧ್ಯಕ್ಷರಾದ ಕೆ.ಎನ್.ಸಂದೀಪ್, ವಿಜಯಲಕ್ಷ್ಮಿ ಮೆಡಿಕಲ್, ಚಾಲನೆ ನೀಡಿದರು. ನಂತರ ಅಧ್ಯಕ್ಷರಾದ ಸಂದೀಪ್ ಮಾತನಾಡಿ, ರಕ್ತದಾನ ಮಹಾದಾನ ವಾಗಿದೆ.

ಬರಬಹುದಾದ ರಕ್ತದ ಕೊರತೆ ತಪ್ಪಿಸಿ ಅವರ ಪ್ರಾಣ ಉಳಿಸಲು ರಕ್ತ ಅವಶ್ಯಕವಾಗಿರುತ್ತದೆ ಎಂದರು.

ಪ್ರತಿಯೊಬ್ಬರು ಸಹ ರಕ್ತದಾನ ಮಾಡುವ ಮೂಲಕ ಅಮೂಲ್ಯ ಜೀವ ಗಳನ್ನು ಉಳಿಸುವ ಮುಂದಾಗಬೇಕು. ಆಲ್ ಇಂಡಿಯಾ ಮೊಬೈಲ್ ರೀಟೇಲರ್ ಅಸೋಸಿಯೇಷನ್ 9ನೇ ವರ್ಷಕ್ಕೆ

ಕಾಲಿಟ್ಟಿರುವುದು ಸಂತಸ ತಂದಿದೆ ಎಂದು ಹೇಳಿದರು.

ಮಹಿಳಾ ಸಮಾಜ ಆವರಣದಲ್ಲಿ ರಕ್ತದಾನ ಮಾಡಿದ ರಕ್ತದಾನಿಗಳಿಗೆ ಹಣ್ಣಿನ ರಸ ನೀಡಲಾಯಿತು.

ಈ ಸಂದರ್ಭದಲ್ಲಿ ಚೈತ್ರ ಎಂ.ಎನ್, ಅಧ್ಯಕ್ಷ ಕಮ್ಯುನಿಕೇಷನ್ ಮತ್ತು ಅವರ ಸ್ನೇಹಿತರು ಹಾಜರಿದ್ದರು.
